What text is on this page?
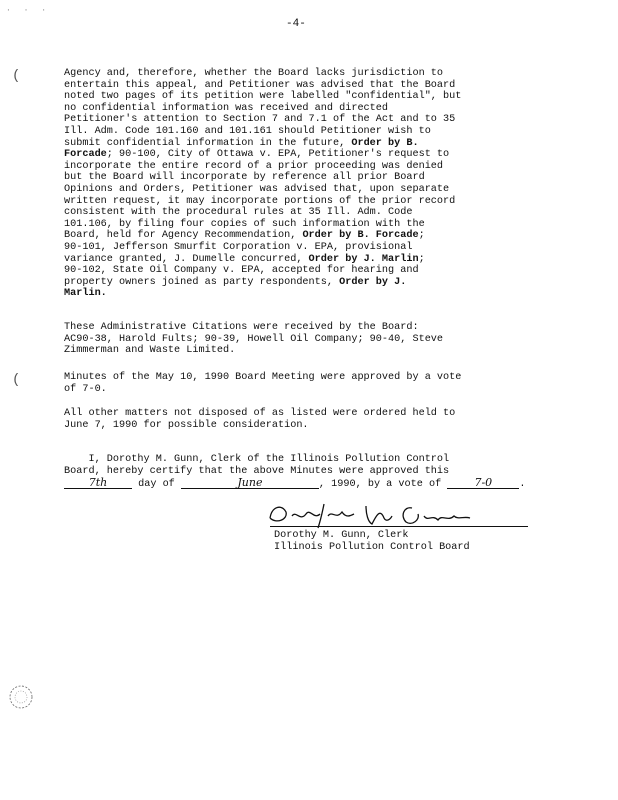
· · ·
-4-
(
(
Agency and, therefore, whether the Board lacks jurisdiction to
entertain this appeal, and Petitioner was advised that the Board
noted two pages of its petition were labelled "confidential", but
no confidential information was received and directed
Petitioner's attention to Section 7 and 7.1 of the Act and to 35
Ill. Adm. Code 101.160 and 101.161 should Petitioner wish to
submit confidential information in the future, Order by B.
Forcade; 90-100, City of Ottawa v. EPA, Petitioner's request to
incorporate the entire record of a prior proceeding was denied
but the Board will incorporate by reference all prior Board
Opinions and Orders, Petitioner was advised that, upon separate
written request, it may incorporate portions of the prior record
consistent with the procedural rules at 35 Ill. Adm. Code
101.106, by filing four copies of such information with the
Board, held for Agency Recommendation, Order by B. Forcade;
90-101, Jefferson Smurfit Corporation v. EPA, provisional
variance granted, J. Dumelle concurred, Order by J. Marlin;
90-102, State Oil Company v. EPA, accepted for hearing and
property owners joined as party respondents, Order by J.
Marlin.
These Administrative Citations were received by the Board:
AC90-38, Harold Fults; 90-39, Howell Oil Company; 90-40, Steve
Zimmerman and Waste Limited.
Minutes of the May 10, 1990 Board Meeting were approved by a vote
of 7-0.
All other matters not disposed of as listed were ordered held to
June 7, 1990 for possible consideration.
I, Dorothy M. Gunn, Clerk of the Illinois Pollution Control
Board, hereby certify that the above Minutes were approved this
7th day of	June	, 1990, by a vote of 7-0	.
Dorothy M. Gunn, Clerk
Illinois Pollution Control Board
